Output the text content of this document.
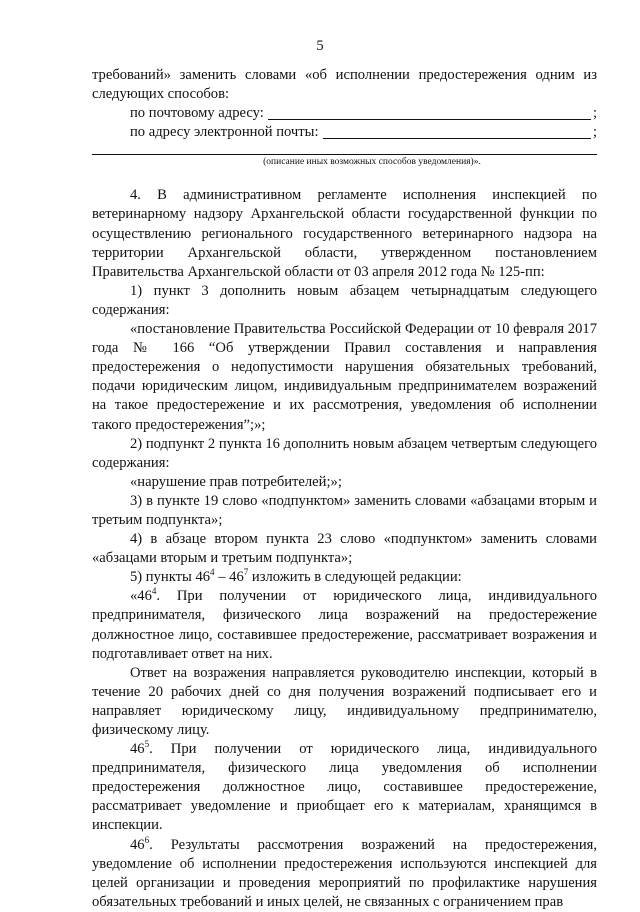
5

требований» заменить словами «об исполнении предостережения одним из следующих способов:

по почтовому адресу:	;
по адресу электронной почты:	;

(описание иных возможных способов уведомления)».

4. В административном регламенте исполнения инспекцией по ветеринарному надзору Архангельской области государственной функции по осуществлению регионального государственного ветеринарного надзора на территории Архангельской области, утвержденном постановлением Правительства Архангельской области от 03 апреля 2012 года № 125-пп:

1) пункт 3 дополнить новым абзацем четырнадцатым следующего содержания:

«постановление Правительства Российской Федерации от 10 февраля 2017 года № 166 “Об утверждении Правил составления и направления предостережения о недопустимости нарушения обязательных требований, подачи юридическим лицом, индивидуальным предпринимателем возражений на такое предостережение и их рассмотрения, уведомления об исполнении такого предостережения”;»;

2) подпункт 2 пункта 16 дополнить новым абзацем четвертым следующего содержания:

«нарушение прав потребителей;»;

3) в пункте 19 слово «подпунктом» заменить словами «абзацами вторым и третьим подпункта»;

4) в абзаце втором пункта 23 слово «подпунктом» заменить словами «абзацами вторым и третьим подпункта»;

5) пункты $46^4 - 46^7$ изложить в следующей редакции:

«$46^4$. При получении от юридического лица, индивидуального предпринимателя, физического лица возражений на предостережение должностное лицо, составившее предостережение, рассматривает возражения и подготавливает ответ на них.

Ответ на возражения направляется руководителю инспекции, который в течение 20 рабочих дней со дня получения возражений подписывает его и направляет юридическому лицу, индивидуальному предпринимателю, физическому лицу.

$46^5$. При получении от юридического лица, индивидуального предпринимателя, физического лица уведомления об исполнении предостережения должностное лицо, составившее предостережение, рассматривает уведомление и приобщает его к материалам, хранящимся в инспекции.

$46^6$. Результаты рассмотрения возражений на предостережения, уведомление об исполнении предостережения используются инспекцией для целей организации и проведения мероприятий по профилактике нарушения обязательных требований и иных целей, не связанных с ограничением прав
